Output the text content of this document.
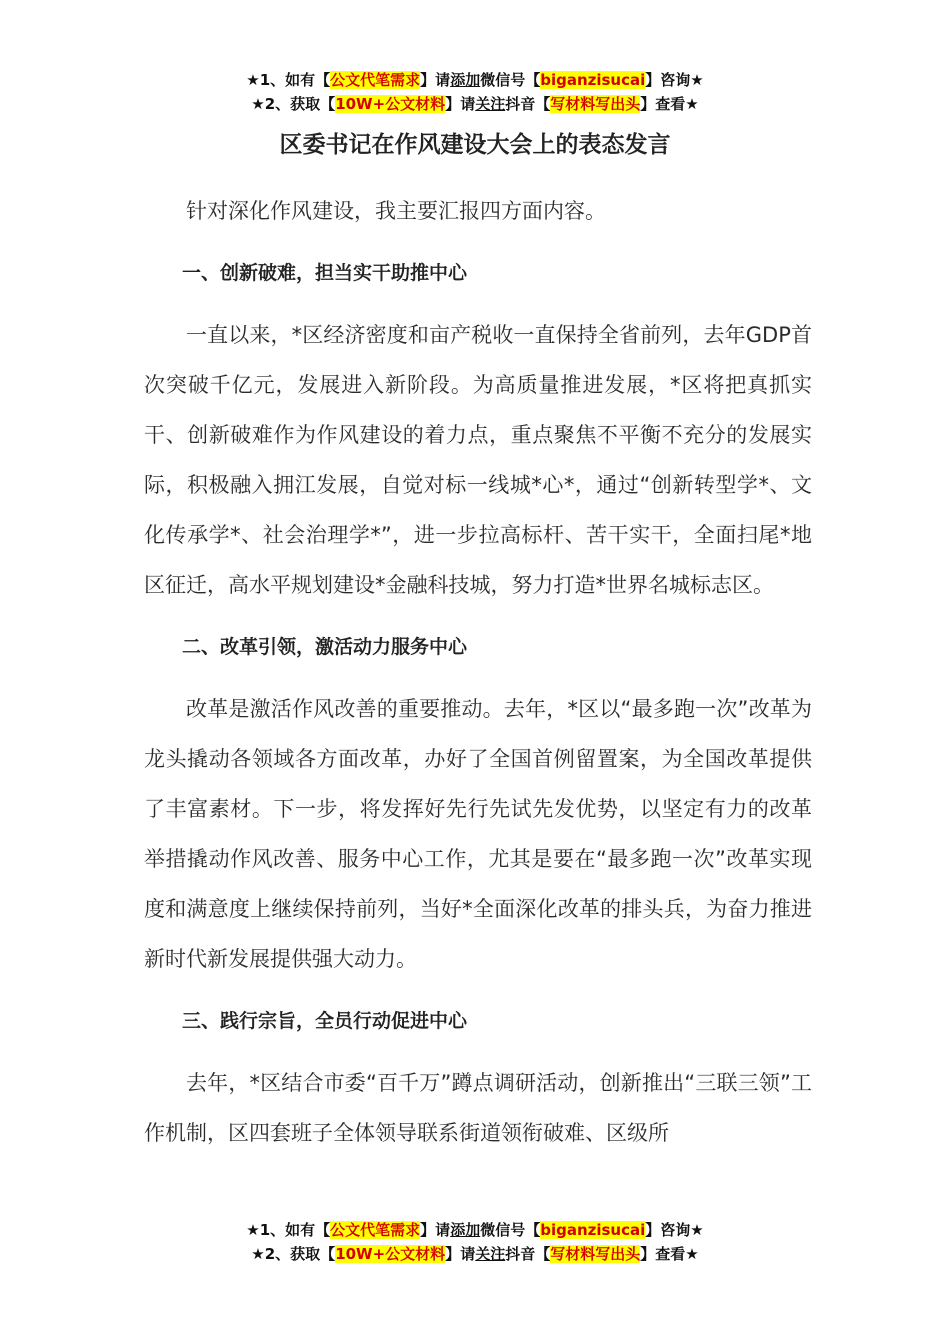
★1、如有【公文代笔需求】请添加微信号【biganzisucai】咨询★
★2、获取【10W+公文材料】请关注抖音【写材料写出头】查看★
区委书记在作风建设大会上的表态发言

针对深化作风建设，我主要汇报四方面内容。

一、创新破难，担当实干助推中心

一直以来，*区经济密度和亩产税收一直保持全省前列，去年GDP首次突破千亿元，发展进入新阶段。为高质量推进发展，*区将把真抓实干、创新破难作为作风建设的着力点，重点聚焦不平衡不充分的发展实际，积极融入拥江发展，自觉对标一线城*心*，通过“创新转型学*、文化传承学*、社会治理学*”，进一步拉高标杆、苦干实干，全面扫尾*地区征迁，高水平规划建设*金融科技城，努力打造*世界名城标志区。

二、改革引领，激活动力服务中心

改革是激活作风改善的重要推动。去年，*区以“最多跑一次”改革为龙头撬动各领域各方面改革，办好了全国首例留置案，为全国改革提供了丰富素材。下一步，将发挥好先行先试先发优势，以坚定有力的改革举措撬动作风改善、服务中心工作，尤其是要在“最多跑一次”改革实现度和满意度上继续保持前列，当好*全面深化改革的排头兵，为奋力推进新时代新发展提供强大动力。

三、践行宗旨，全员行动促进中心

去年，*区结合市委“百千万”蹲点调研活动，创新推出“三联三领”工作机制，区四套班子全体领导联系街道领衔破难、区级所

★1、如有【公文代笔需求】请添加微信号【biganzisucai】咨询★
★2、获取【10W+公文材料】请关注抖音【写材料写出头】查看★
